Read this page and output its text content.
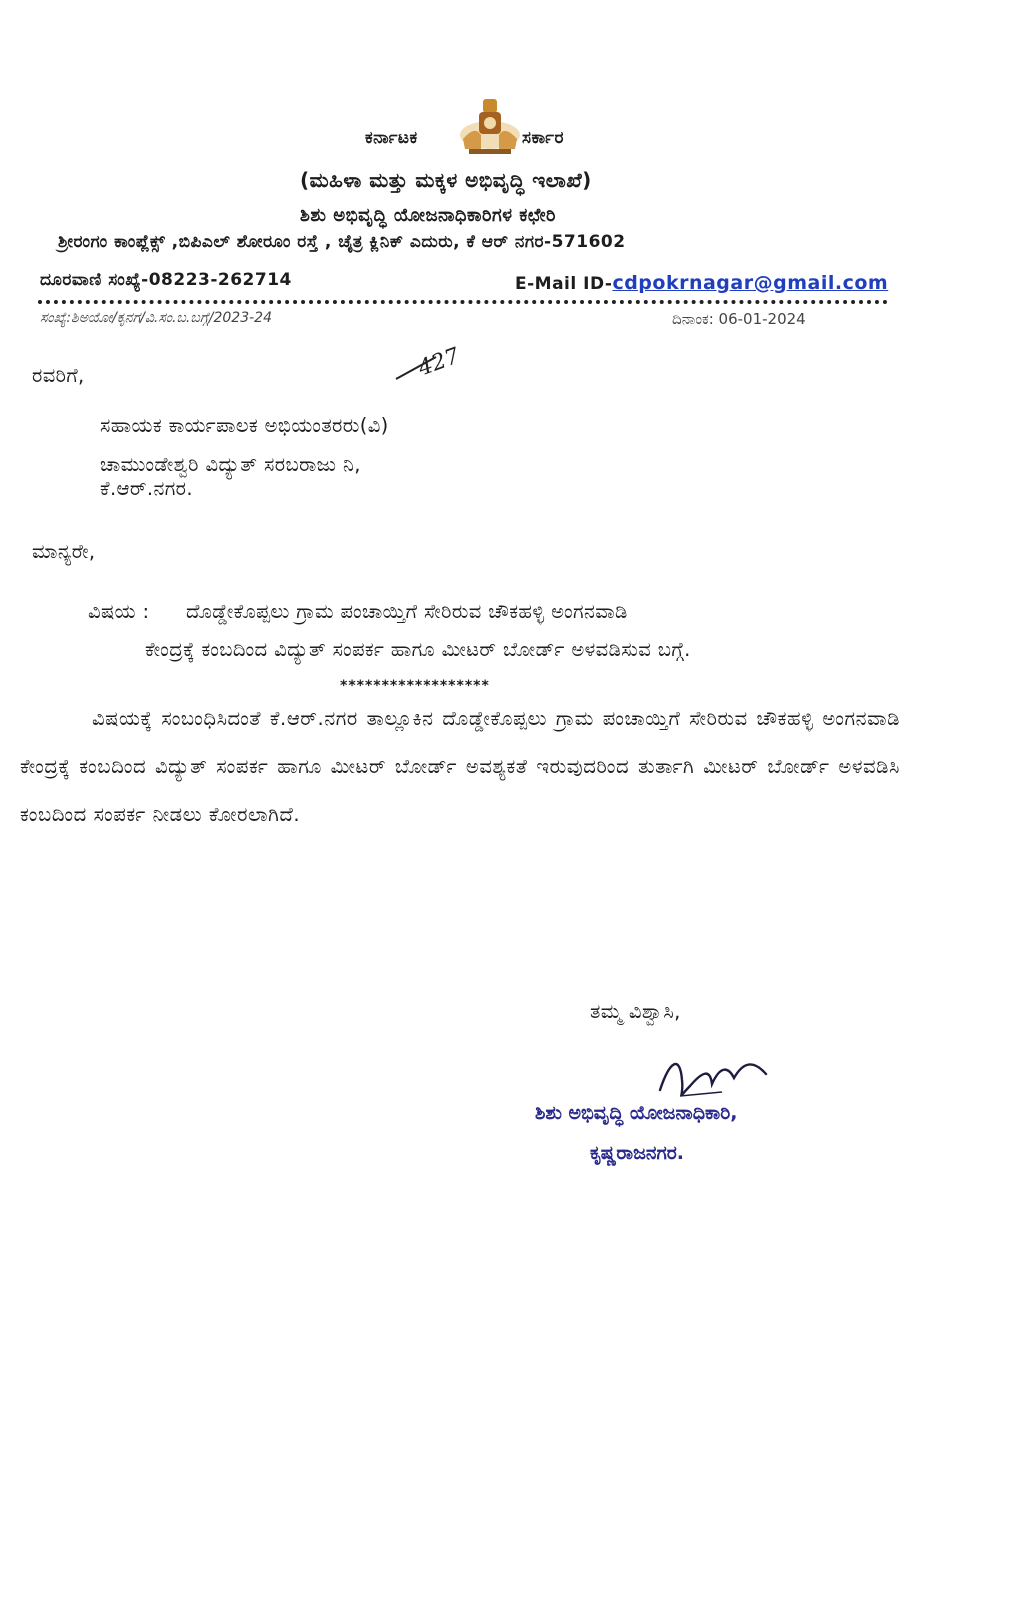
ಕರ್ನಾಟಕ	ಸರ್ಕಾರ
(ಮಹಿಳಾ ಮತ್ತು ಮಕ್ಕಳ ಅಭಿವೃದ್ಧಿ ಇಲಾಖೆ)
ಶಿಶು ಅಭಿವೃದ್ಧಿ ಯೋಜನಾಧಿಕಾರಿಗಳ ಕಛೇರಿ
ಶ್ರೀರಂಗಂ ಕಾಂಪ್ಲೆಕ್ಸ್ ,ಬಿಪಿಎಲ್ ಶೋರೂಂ ರಸ್ತೆ , ಚೈತ್ರ ಕ್ಲಿನಿಕ್ ಎದುರು, ಕೆ ಆರ್ ನಗರ-571602
ದೂರವಾಣಿ ಸಂಖ್ಯೆ-08223-262714	E-Mail ID-cdpokrnagar@gmail.com
ಸಂಖ್ಯೆ:ಶಿಅಯೋ/ಕೃನಗ/ವಿ.ಸಂ.ಬ.ಬಗ್ಗೆ/2023-24	ದಿನಾಂಕ: 06-01-2024
427
ರವರಿಗೆ,
ಸಹಾಯಕ ಕಾರ್ಯಪಾಲಕ ಅಭಿಯಂತರರು(ವಿ)
ಚಾಮುಂಡೇಶ್ವರಿ ವಿದ್ಯುತ್ ಸರಬರಾಜು ನಿ,
ಕೆ.ಆರ್.ನಗರ.
ಮಾನ್ಯರೇ,
ವಿಷಯ : ದೊಡ್ಡೇಕೊಪ್ಪಲು ಗ್ರಾಮ ಪಂಚಾಯ್ತಿಗೆ ಸೇರಿರುವ ಚೌಕಹಳ್ಳಿ ಅಂಗನವಾಡಿ
ಕೇಂದ್ರಕ್ಕೆ ಕಂಬದಿಂದ ವಿದ್ಯುತ್ ಸಂಪರ್ಕ ಹಾಗೂ ಮೀಟರ್ ಬೋರ್ಡ್ ಅಳವಡಿಸುವ ಬಗ್ಗೆ.
******************
ವಿಷಯಕ್ಕೆ ಸಂಬಂಧಿಸಿದಂತೆ ಕೆ.ಆರ್.ನಗರ ತಾಲ್ಲೂಕಿನ ದೊಡ್ಡೇಕೊಪ್ಪಲು ಗ್ರಾಮ ಪಂಚಾಯ್ತಿಗೆ ಸೇರಿರುವ ಚೌಕಹಳ್ಳಿ ಅಂಗನವಾಡಿ ಕೇಂದ್ರಕ್ಕೆ ಕಂಬದಿಂದ ವಿದ್ಯುತ್ ಸಂಪರ್ಕ ಹಾಗೂ ಮೀಟರ್ ಬೋರ್ಡ್ ಅವಶ್ಯಕತೆ ಇರುವುದರಿಂದ ತುರ್ತಾಗಿ ಮೀಟರ್ ಬೋರ್ಡ್ ಅಳವಡಿಸಿ ಕಂಬದಿಂದ ಸಂಪರ್ಕ ನೀಡಲು ಕೋರಲಾಗಿದೆ.
ತಮ್ಮ ವಿಶ್ವಾಸಿ,
ಶಿಶು ಅಭಿವೃದ್ಧಿ ಯೋಜನಾಧಿಕಾರಿ,
ಕೃಷ್ಣರಾಜನಗರ.
